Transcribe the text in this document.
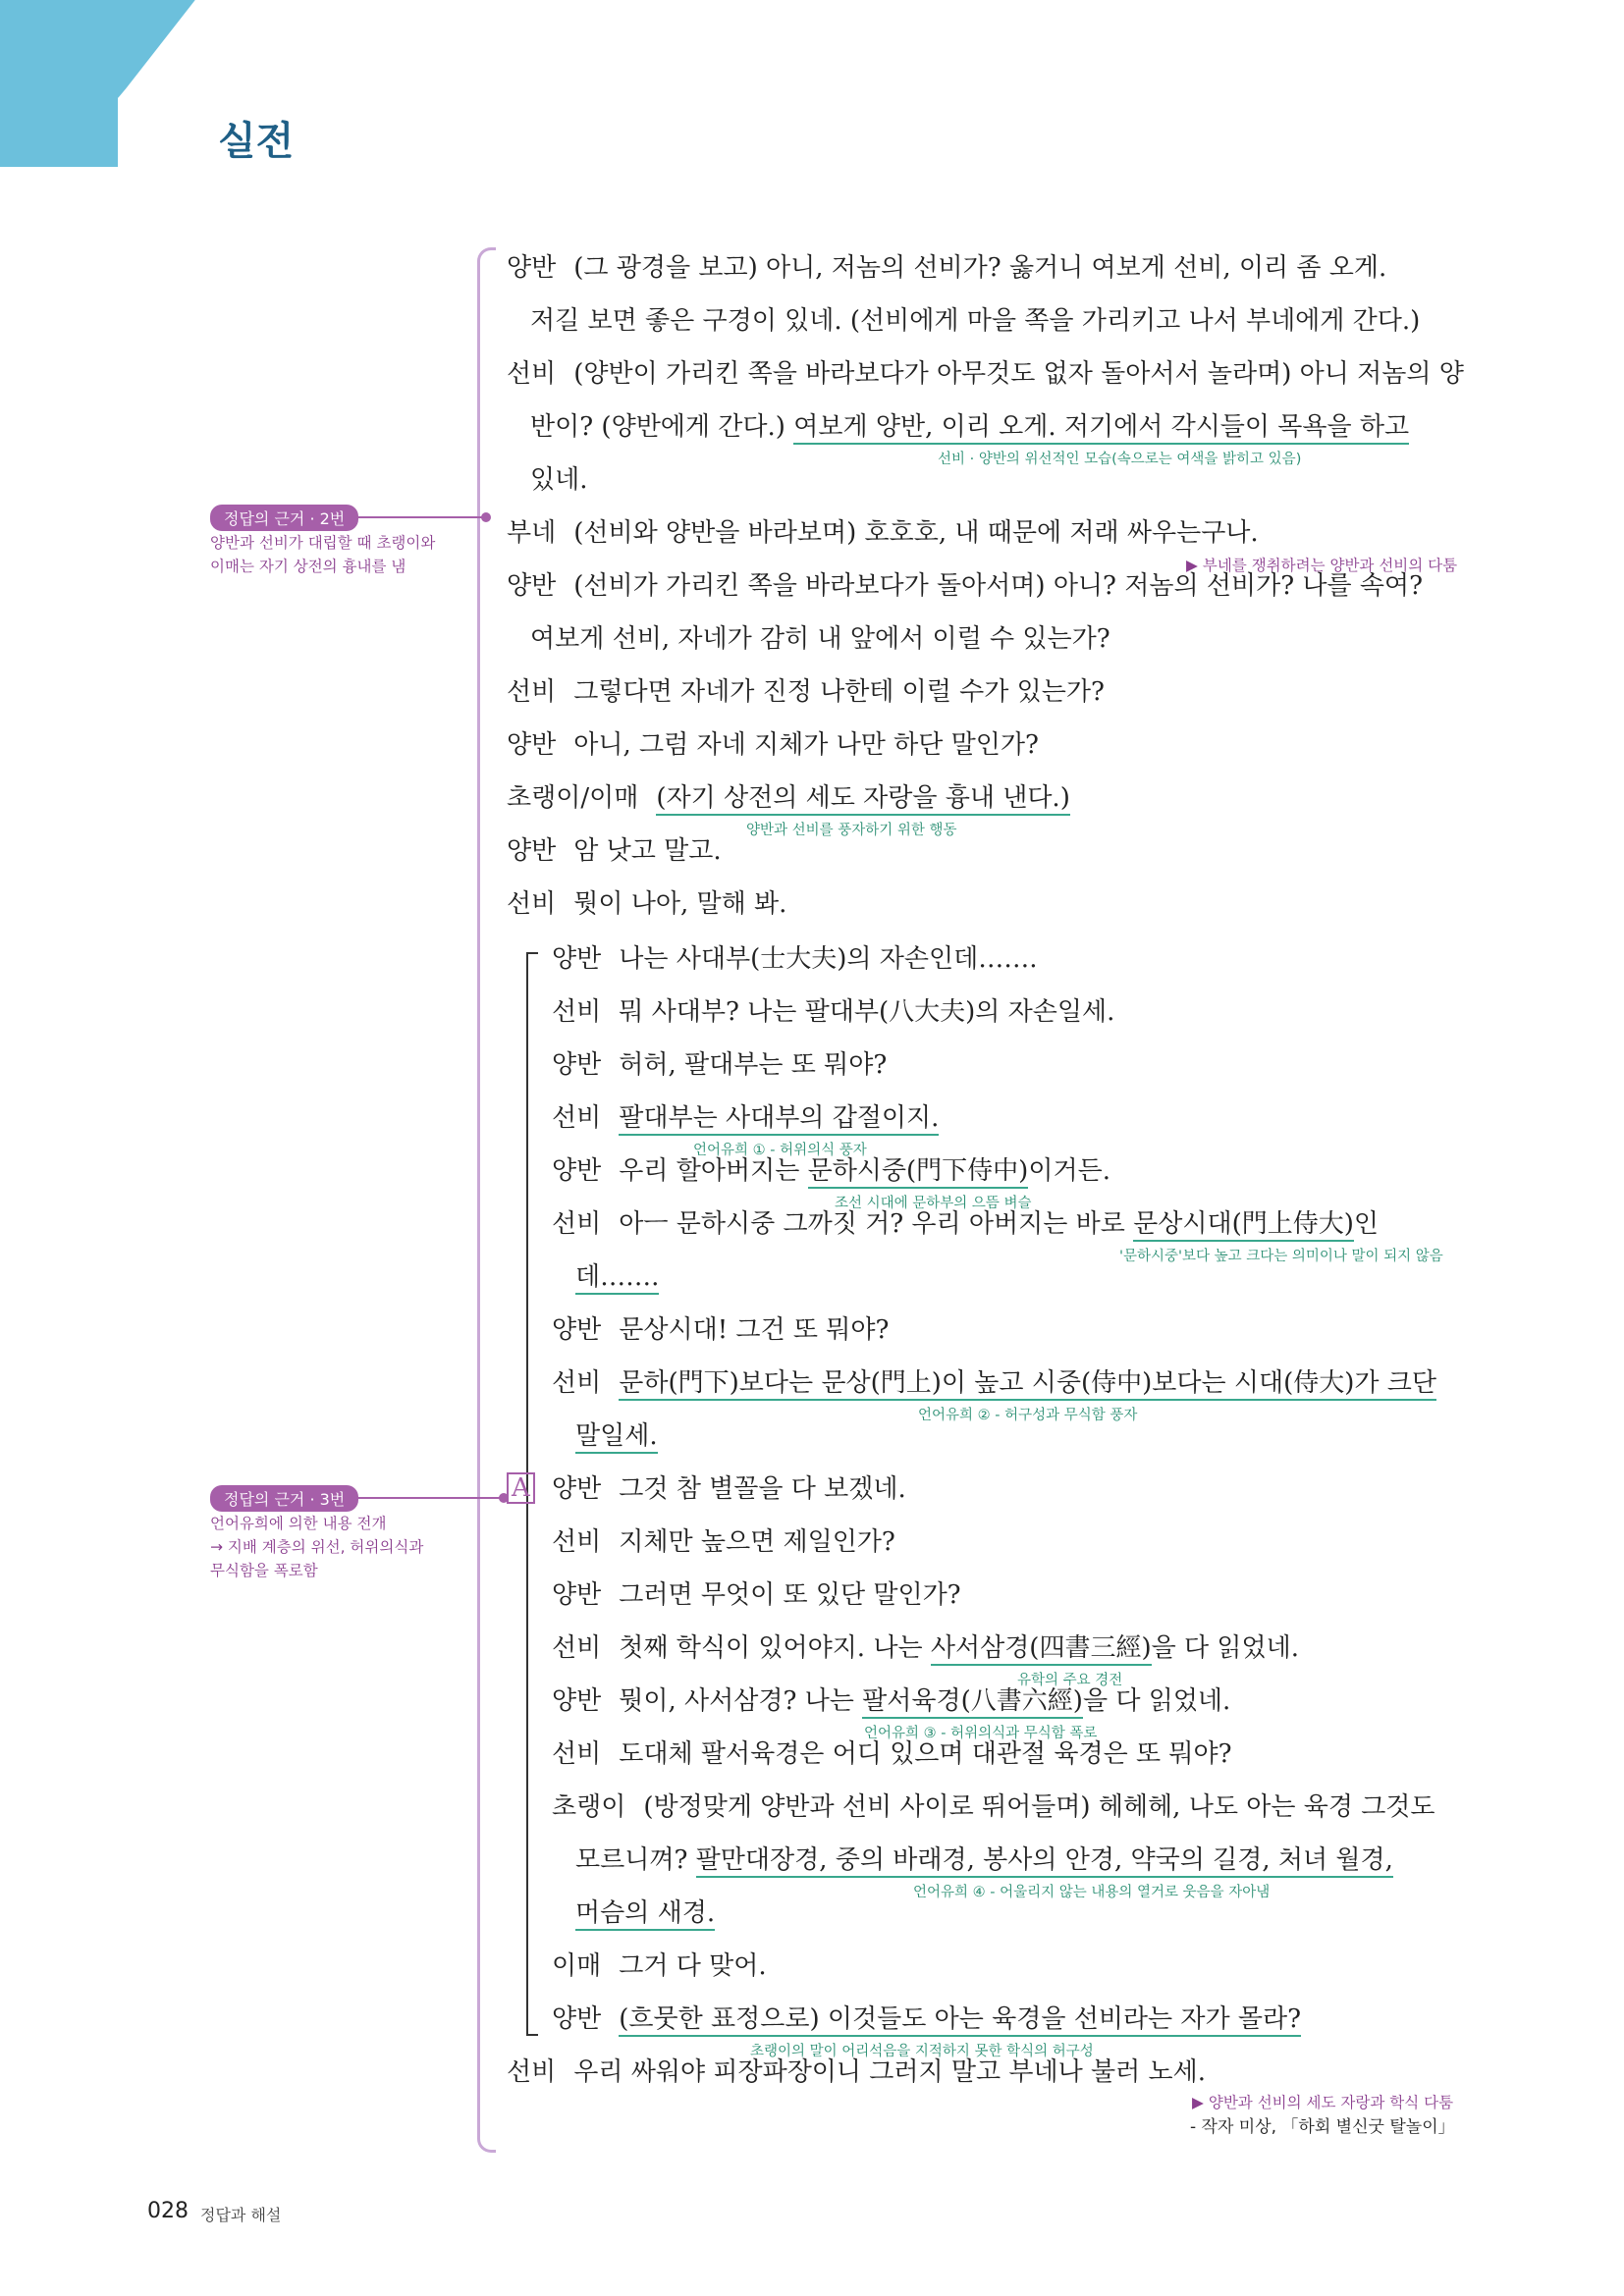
I 실전
정답의 근거 · 2번
양반과 선비가 대립할 때 초랭이와
이매는 자기 상전의 흉내를 냄
정답의 근거 · 3번
언어유희에 의한 내용 전개
→ 지배 계층의 위선, 허위의식과
무식함을 폭로함
A
양반 (그 광경을 보고) 아니, 저놈의 선비가? 옳거니 여보게 선비, 이리 좀 오게.
저길 보면 좋은 구경이 있네. (선비에게 마을 쪽을 가리키고 나서 부네에게 간다.)
선비 (양반이 가리킨 쪽을 바라보다가 아무것도 없자 돌아서서 놀라며) 아니 저놈의 양
반이? (양반에게 간다.) 여보게 양반, 이리 오게. 저기에서 각시들이 목욕을 하고
선비 · 양반의 위선적인 모습(속으로는 여색을 밝히고 있음)
있네.
부네 (선비와 양반을 바라보며) 호호호, 내 때문에 저래 싸우는구나.
▶ 부네를 쟁취하려는 양반과 선비의 다툼
양반 (선비가 가리킨 쪽을 바라보다가 돌아서며) 아니? 저놈의 선비가? 나를 속여?
여보게 선비, 자네가 감히 내 앞에서 이럴 수 있는가?
선비 그렇다면 자네가 진정 나한테 이럴 수가 있는가?
양반 아니, 그럼 자네 지체가 나만 하단 말인가?
초랭이/이매 (자기 상전의 세도 자랑을 흉내 낸다.)
양반과 선비를 풍자하기 위한 행동
양반 암 낫고 말고.
선비 뭣이 나아, 말해 봐.
양반 나는 사대부(士大夫)의 자손인데…….
선비 뭐 사대부? 나는 팔대부(八大夫)의 자손일세.
양반 허허, 팔대부는 또 뭐야?
선비 팔대부는 사대부의 갑절이지.
언어유희 ① - 허위의식 풍자
양반 우리 할아버지는 문하시중(門下侍中)이거든.
조선 시대에 문하부의 으뜸 벼슬
선비 아ㅡ 문하시중 그까짓 거? 우리 아버지는 바로 문상시대(門上侍大)인
'문하시중'보다 높고 크다는 의미이나 말이 되지 않음
데…….
양반 문상시대! 그건 또 뭐야?
선비 문하(門下)보다는 문상(門上)이 높고 시중(侍中)보다는 시대(侍大)가 크단
언어유희 ② - 허구성과 무식함 풍자
말일세.
양반 그것 참 별꼴을 다 보겠네.
선비 지체만 높으면 제일인가?
양반 그러면 무엇이 또 있단 말인가?
선비 첫째 학식이 있어야지. 나는 사서삼경(四書三經)을 다 읽었네.
유학의 주요 경전
양반 뭣이, 사서삼경? 나는 팔서육경(八書六經)을 다 읽었네.
언어유희 ③ - 허위의식과 무식함 폭로
선비 도대체 팔서육경은 어디 있으며 대관절 육경은 또 뭐야?
초랭이 (방정맞게 양반과 선비 사이로 뛰어들며) 헤헤헤, 나도 아는 육경 그것도
모르니껴? 팔만대장경, 중의 바래경, 봉사의 안경, 약국의 길경, 처녀 월경,
언어유희 ④ - 어울리지 않는 내용의 열거로 웃음을 자아냄
머슴의 새경.
이매 그거 다 맞어.
양반 (흐뭇한 표정으로) 이것들도 아는 육경을 선비라는 자가 몰라?
초랭이의 말이 어리석음을 지적하지 못한 학식의 허구성
선비 우리 싸워야 피장파장이니 그러지 말고 부네나 불러 노세.
▶ 양반과 선비의 세도 자랑과 학식 다툼
- 작자 미상, 「하회 별신굿 탈놀이」
028 정답과 해설
